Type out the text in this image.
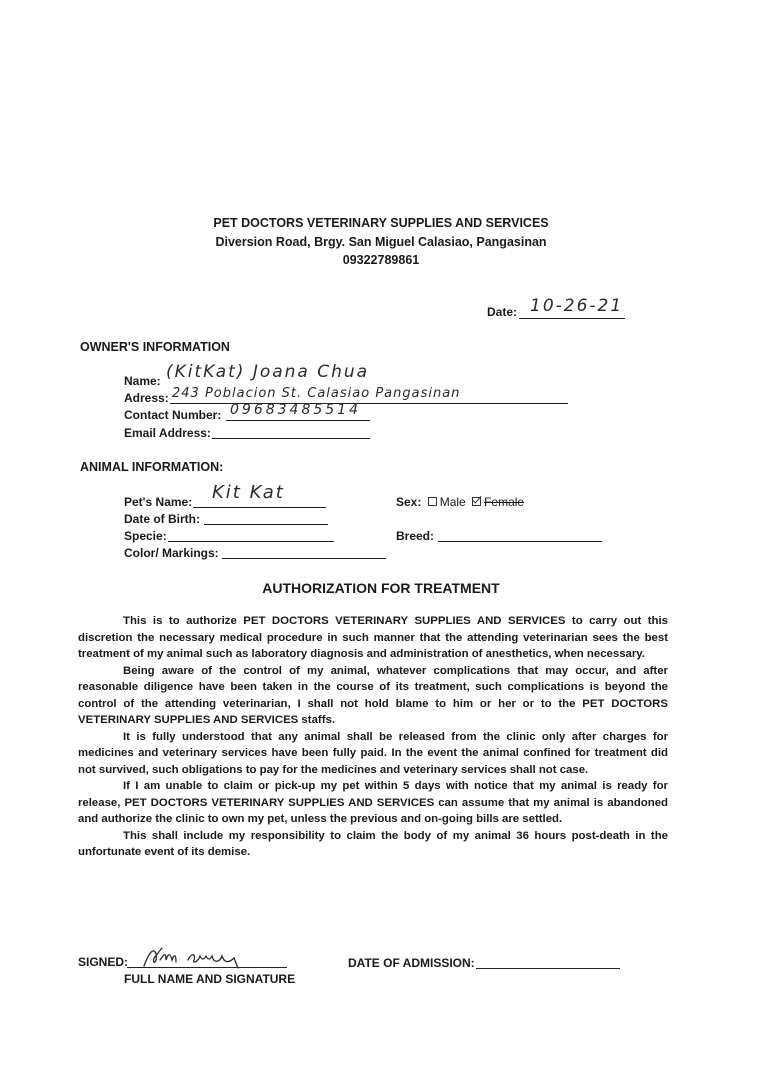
PET DOCTORS VETERINARY SUPPLIES AND SERVICES
Diversion Road, Brgy. San Miguel Calasiao, Pangasinan
09322789861
Date: 10-26-21
OWNER'S INFORMATION
Name: (KitKat) Joana Chua
Adress: 243 Poblacion St. Calasiao Pangasinan
Contact Number: 09683485514
Email Address:
ANIMAL INFORMATION:
Pet's Name: Kit Kat
Date of Birth:
Specie:
Color/ Markings:
Sex: Male Female
Breed:
AUTHORIZATION FOR TREATMENT

This is to authorize PET DOCTORS VETERINARY SUPPLIES AND SERVICES to carry out this discretion the necessary medical procedure in such manner that the attending veterinarian sees the best treatment of my animal such as laboratory diagnosis and administration of anesthetics, when necessary.

Being aware of the control of my animal, whatever complications that may occur, and after reasonable diligence have been taken in the course of its treatment, such complications is beyond the control of the attending veterinarian, I shall not hold blame to him or her or to the PET DOCTORS VETERINARY SUPPLIES AND SERVICES staffs.

It is fully understood that any animal shall be released from the clinic only after charges for medicines and veterinary services have been fully paid. In the event the animal confined for treatment did not survived, such obligations to pay for the medicines and veterinary services shall not case.

If I am unable to claim or pick-up my pet within 5 days with notice that my animal is ready for release, PET DOCTORS VETERINARY SUPPLIES AND SERVICES can assume that my animal is abandoned and authorize the clinic to own my pet, unless the previous and on-going bills are settled.

This shall include my responsibility to claim the body of my animal 36 hours post-death in the unfortunate event of its demise.

SIGNED:
FULL NAME AND SIGNATURE
DATE OF ADMISSION:
